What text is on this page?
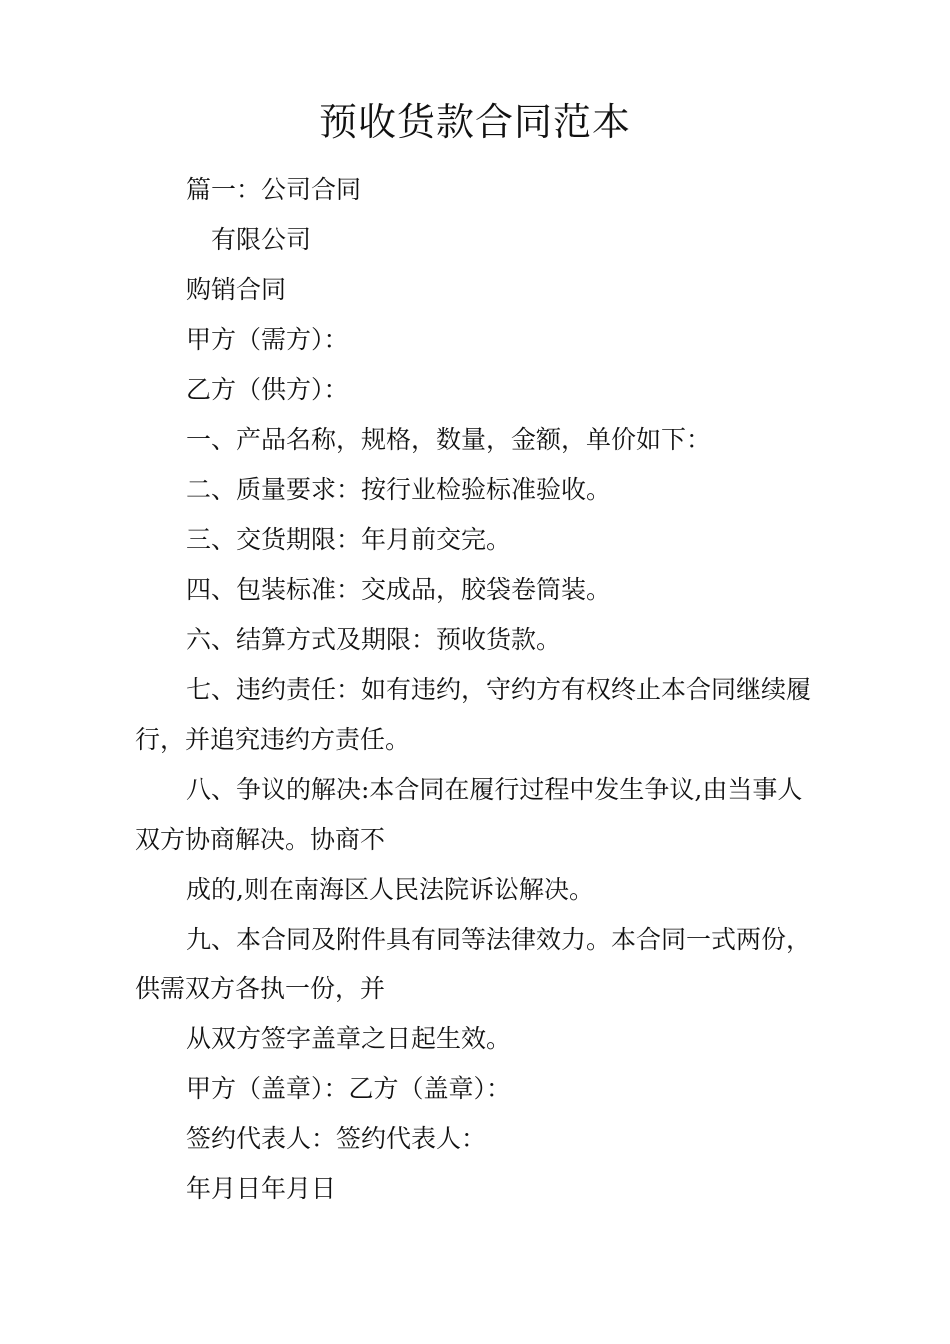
预收货款合同范本
篇一：公司合同
有限公司
购销合同
甲方（需方）：
乙方（供方）：
一、产品名称，规格，数量，金额，单价如下：
二、质量要求：按行业检验标准验收。
三、交货期限：年月前交完。
四、包装标准：交成品，胶袋卷筒装。
六、结算方式及期限：预收货款。
七、违约责任：如有违约，守约方有权终止本合同继续履
行，并追究违约方责任。
八、争议的解决:本合同在履行过程中发生争议,由当事人
双方协商解决。协商不
成的,则在南海区人民法院诉讼解决。
九、本合同及附件具有同等法律效力。本合同一式两份，
供需双方各执一份，并
从双方签字盖章之日起生效。
甲方（盖章）：乙方（盖章）：
签约代表人：签约代表人：
年月日年月日
